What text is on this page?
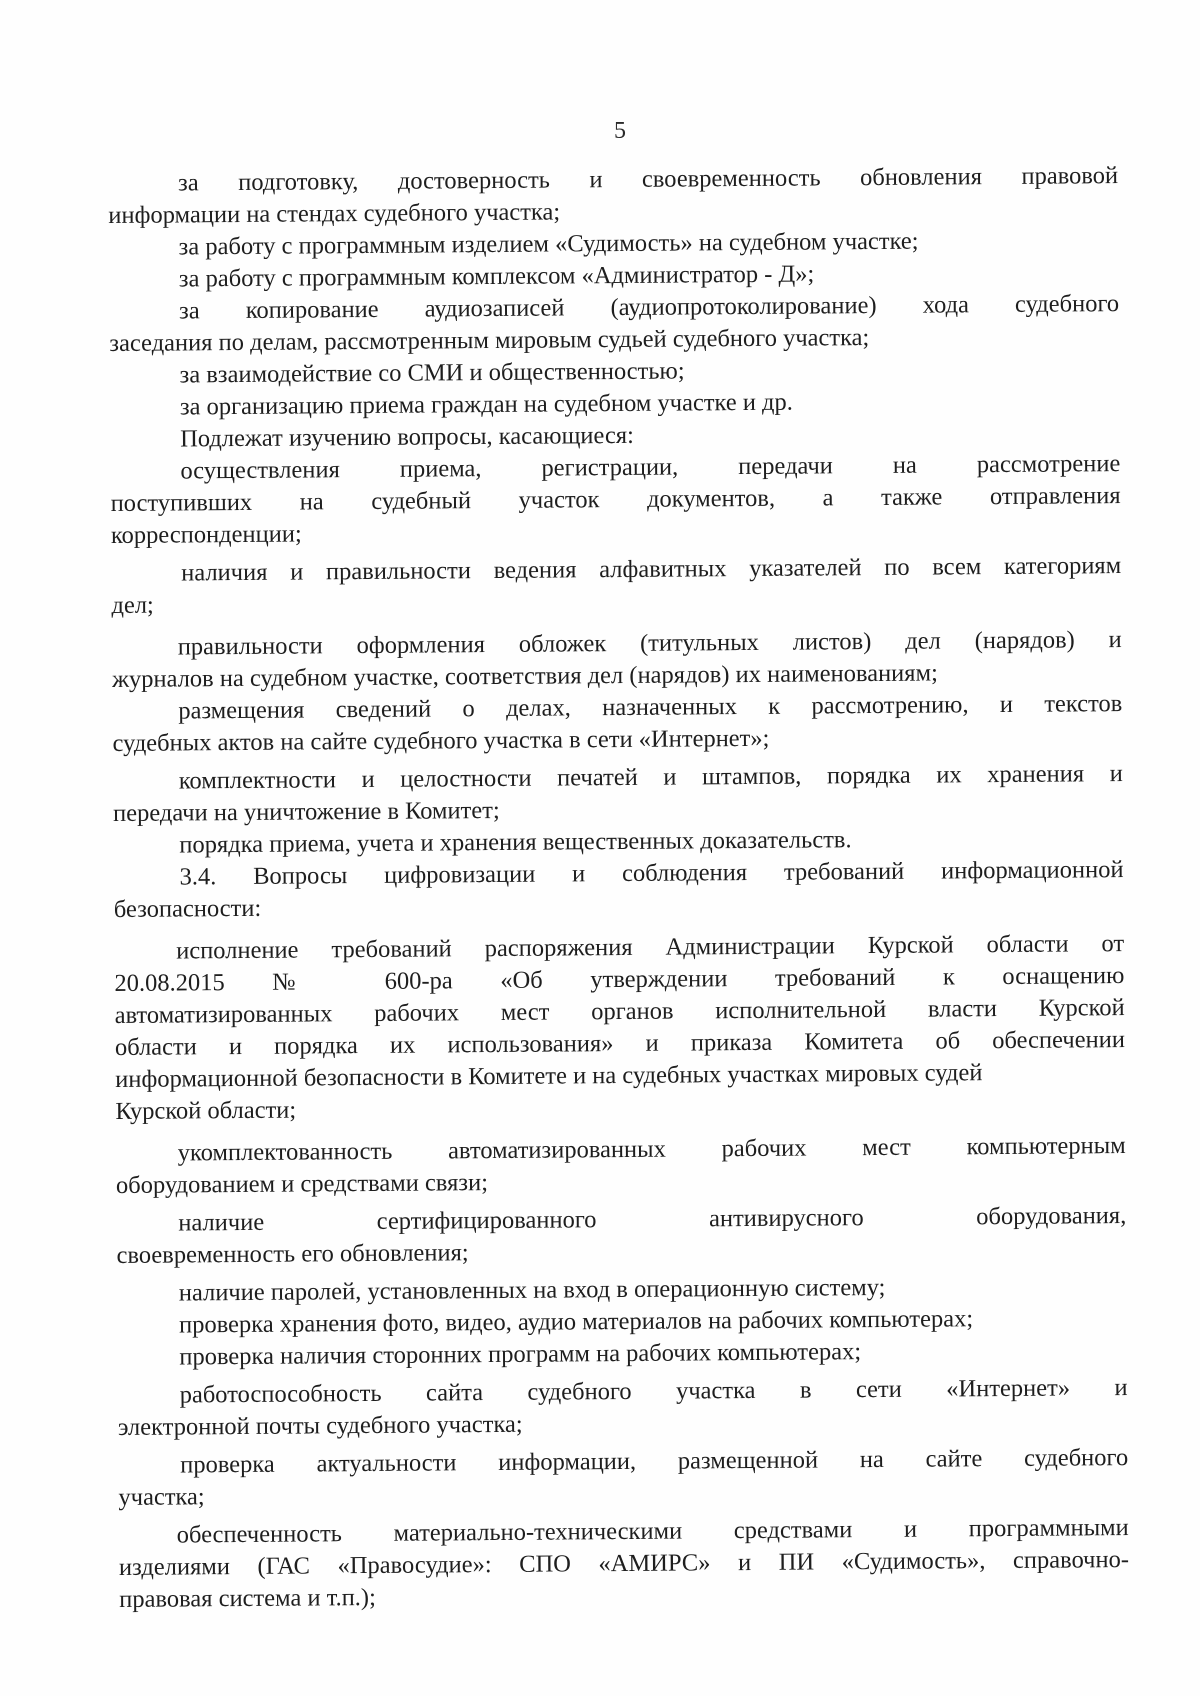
5
за подготовку, достоверность и своевременность обновления правовой
информации на стендах судебного участка;
за работу с программным изделием «Судимость» на судебном участке;
за работу с программным комплексом «Администратор - Д»;
за копирование аудиозаписей (аудиопротоколирование) хода судебного
заседания по делам, рассмотренным мировым судьей судебного участка;
за взаимодействие со СМИ и общественностью;
за организацию приема граждан на судебном участке и др.
Подлежат изучению вопросы, касающиеся:
осуществления приема, регистрации, передачи на рассмотрение
поступивших на судебный участок документов, а также отправления
корреспонденции;
наличия и правильности ведения алфавитных указателей по всем категориям
дел;
правильности оформления обложек (титульных листов) дел (нарядов) и
журналов на судебном участке, соответствия дел (нарядов) их наименованиям;
размещения сведений о делах, назначенных к рассмотрению, и текстов
судебных актов на сайте судебного участка в сети «Интернет»;
комплектности и целостности печатей и штампов, порядка их хранения и
передачи на уничтожение в Комитет;
порядка приема, учета и хранения вещественных доказательств.
3.4. Вопросы цифровизации и соблюдения требований информационной
безопасности:
исполнение требований распоряжения Администрации Курской области от
20.08.2015 № 600-ра «Об утверждении требований к оснащению
автоматизированных рабочих мест органов исполнительной власти Курской
области и порядка их использования» и приказа Комитета об обеспечении
информационной безопасности в Комитете и на судебных участках мировых судей
Курской области;
укомплектованность автоматизированных рабочих мест компьютерным
оборудованием и средствами связи;
наличие сертифицированного антивирусного оборудования,
своевременность его обновления;
наличие паролей, установленных на вход в операционную систему;
проверка хранения фото, видео, аудио материалов на рабочих компьютерах;
проверка наличия сторонних программ на рабочих компьютерах;
работоспособность сайта судебного участка в сети «Интернет» и
электронной почты судебного участка;
проверка актуальности информации, размещенной на сайте судебного
участка;
обеспеченность материально-техническими средствами и программными
изделиями (ГАС «Правосудие»: СПО «АМИРС» и ПИ «Судимость», справочно-
правовая система и т.п.);
